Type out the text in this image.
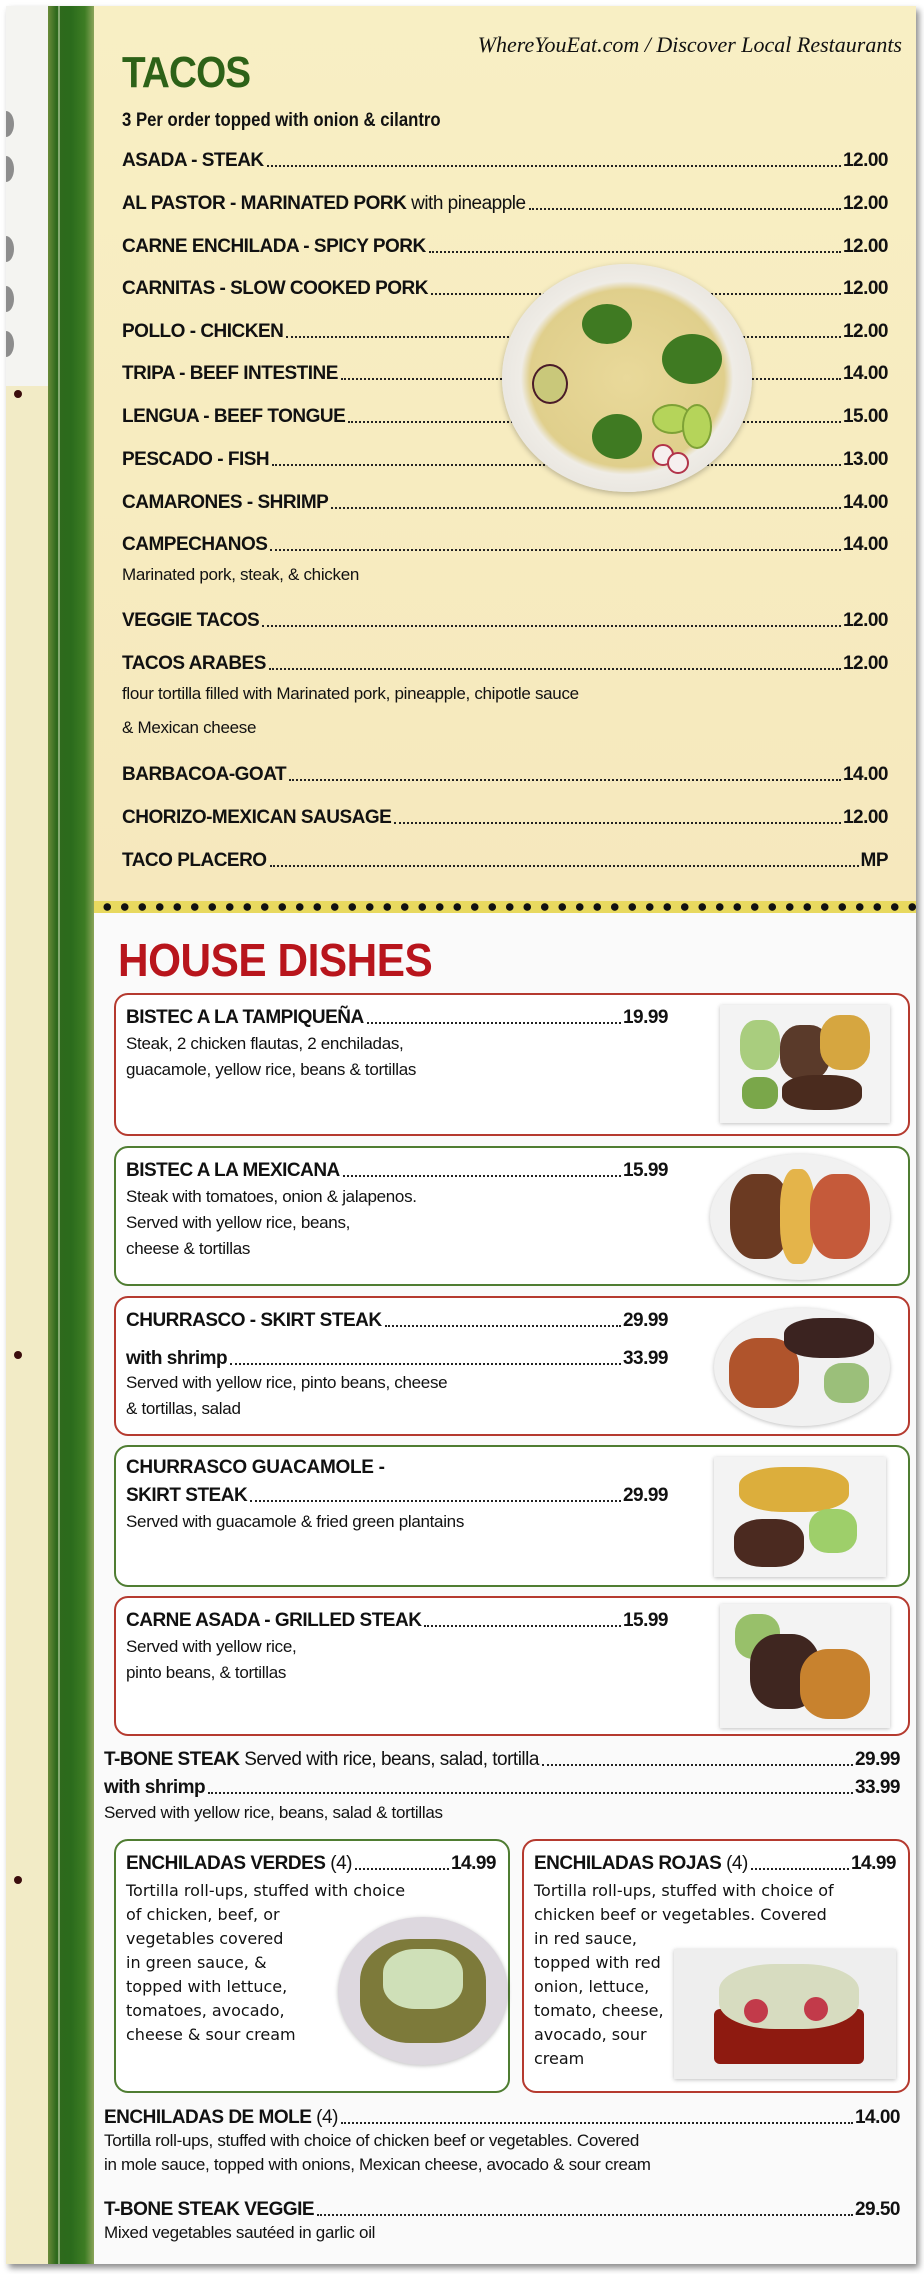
WhereYouEat.com / Discover Local Restaurants
TACOS
3 Per order topped with onion & cilantro
ASADA - STEAK	12.00
AL PASTOR - MARINATED PORK with pineapple	12.00
CARNE ENCHILADA - SPICY PORK	12.00
CARNITAS - SLOW COOKED PORK	12.00
POLLO - CHICKEN	12.00
TRIPA - BEEF INTESTINE	14.00
LENGUA - BEEF TONGUE	15.00
PESCADO - FISH	13.00
CAMARONES - SHRIMP	14.00
CAMPECHANOS	14.00
Marinated pork, steak, & chicken
VEGGIE TACOS	12.00
TACOS ARABES	12.00
flour tortilla filled with Marinated pork, pineapple, chipotle sauce
& Mexican cheese
BARBACOA-GOAT	14.00
CHORIZO-MEXICAN SAUSAGE	12.00
TACO PLACERO	MP
HOUSE DISHES
BISTEC A LA TAMPIQUEÑA	19.99
Steak, 2 chicken flautas, 2 enchiladas,
guacamole, yellow rice, beans & tortillas
BISTEC A LA MEXICANA	15.99
Steak with tomatoes, onion & jalapenos.
Served with yellow rice, beans,
cheese & tortillas
CHURRASCO - SKIRT STEAK	29.99
with shrimp	33.99
Served with yellow rice, pinto beans, cheese
& tortillas, salad
CHURRASCO GUACAMOLE -
SKIRT STEAK	29.99
Served with guacamole & fried green plantains
CARNE ASADA - GRILLED STEAK	15.99
Served with yellow rice,
pinto beans, & tortillas
T-BONE STEAK Served with rice, beans, salad, tortilla	29.99
with shrimp	33.99
Served with yellow rice, beans, salad & tortillas
ENCHILADAS VERDES (4)	14.99
Tortilla roll-ups, stuffed with choice
of chicken, beef, or
vegetables covered
in green sauce, &
topped with lettuce,
tomatoes, avocado,
cheese & sour cream
ENCHILADAS ROJAS (4)	14.99
Tortilla roll-ups, stuffed with choice of
chicken beef or vegetables. Covered
in red sauce,
topped with red
onion, lettuce,
tomato, cheese,
avocado, sour
cream
ENCHILADAS DE MOLE (4)	14.00
Tortilla roll-ups, stuffed with choice of chicken beef or vegetables. Covered
in mole sauce, topped with onions, Mexican cheese, avocado & sour cream
T-BONE STEAK VEGGIE	29.50
Mixed vegetables sautéed in garlic oil
